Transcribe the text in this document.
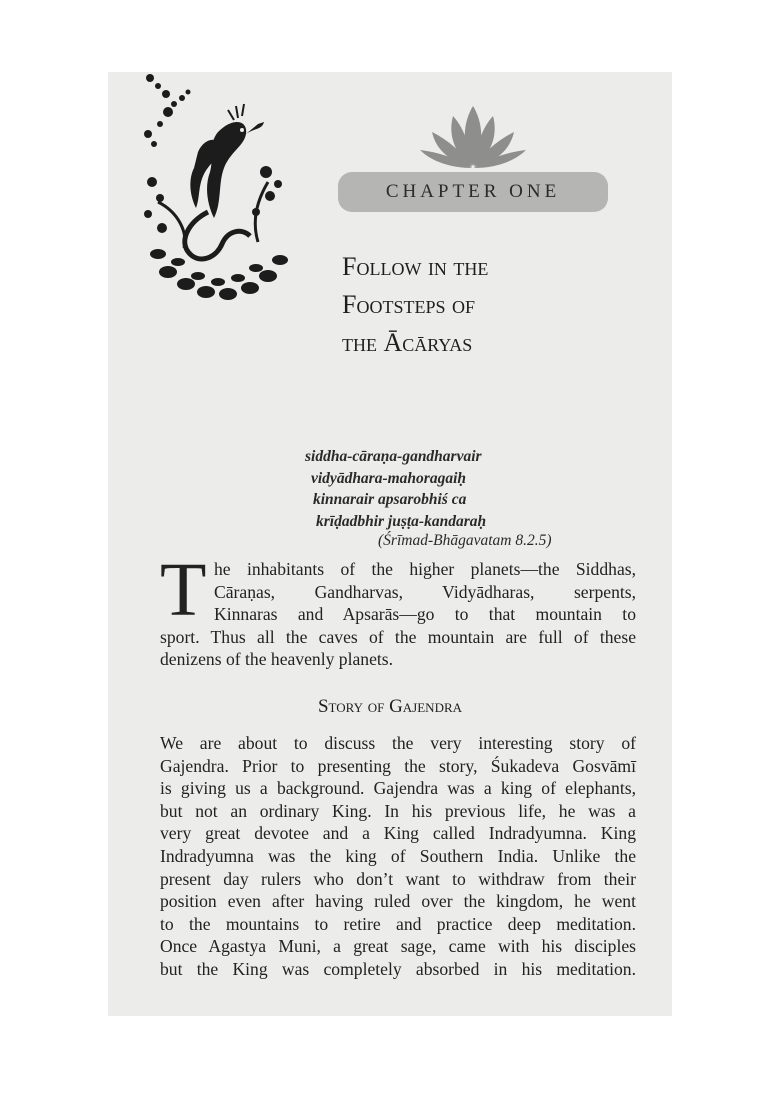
CHAPTER ONE
Follow in the
Footsteps of
the Ācāryas
siddha-cāraṇa-gandharvair
vidyādhara-mahoragaiḥ
kinnarair apsarobhiś ca
krīḍadbhir juṣṭa-kandaraḥ
(Śrīmad-Bhāgavatam 8.2.5)
T he inhabitants of the higher planets—the Siddhas,
Cāraṇas, Gandharvas, Vidyādharas, serpents,
Kinnaras and Apsarās—go to that mountain to
sport. Thus all the caves of the mountain are full of these
denizens of the heavenly planets.
Story of Gajendra
We are about to discuss the very interesting story of
Gajendra. Prior to presenting the story, Śukadeva Gosvāmī
is giving us a background. Gajendra was a king of elephants,
but not an ordinary King. In his previous life, he was a
very great devotee and a King called Indradyumna. King
Indradyumna was the king of Southern India. Unlike the
present day rulers who don’t want to withdraw from their
position even after having ruled over the kingdom, he went
to the mountains to retire and practice deep meditation.
Once Agastya Muni, a great sage, came with his disciples
but the King was completely absorbed in his meditation.
